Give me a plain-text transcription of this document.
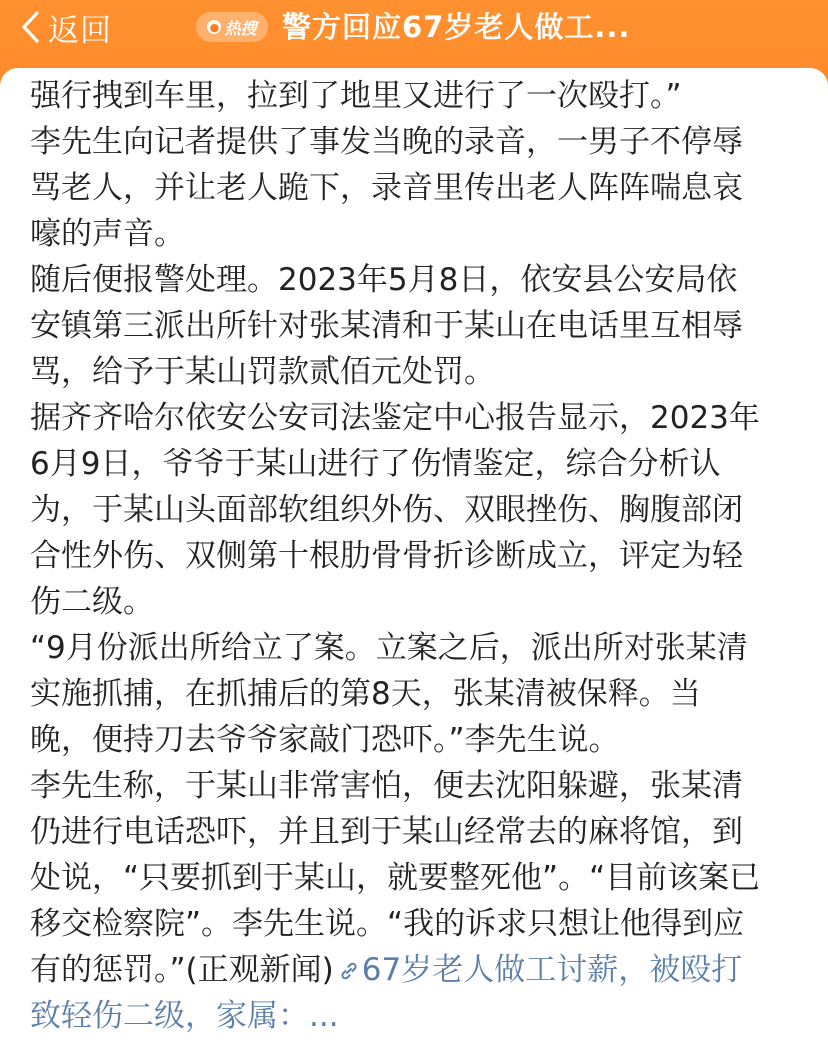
返回	● 热搜 警方回应67岁老人做工...
强行拽到车里，拉到了地里又进行了一次殴打。”
李先生向记者提供了事发当晚的录音，一男子不停辱
骂老人，并让老人跪下，录音里传出老人阵阵喘息哀
嚎的声音。
随后便报警处理。2023年5月8日，依安县公安局依
安镇第三派出所针对张某清和于某山在电话里互相辱
骂，给予于某山罚款贰佰元处罚。
据齐齐哈尔依安公安司法鉴定中心报告显示，2023年
6月9日，爷爷于某山进行了伤情鉴定，综合分析认
为，于某山头面部软组织外伤、双眼挫伤、胸腹部闭
合性外伤、双侧第十根肋骨骨折诊断成立，评定为轻
伤二级。
“9月份派出所给立了案。立案之后，派出所对张某清
实施抓捕，在抓捕后的第8天，张某清被保释。当
晚，便持刀去爷爷家敲门恐吓。”李先生说。
李先生称，于某山非常害怕，便去沈阳躲避，张某清
仍进行电话恐吓，并且到于某山经常去的麻将馆，到
处说，“只要抓到于某山，就要整死他”。“目前该案已
移交检察院”。李先生说。“我的诉求只想让他得到应
有的惩罚。”(正观新闻) 67岁老人做工讨薪，被殴打
致轻伤二级，家属：...
